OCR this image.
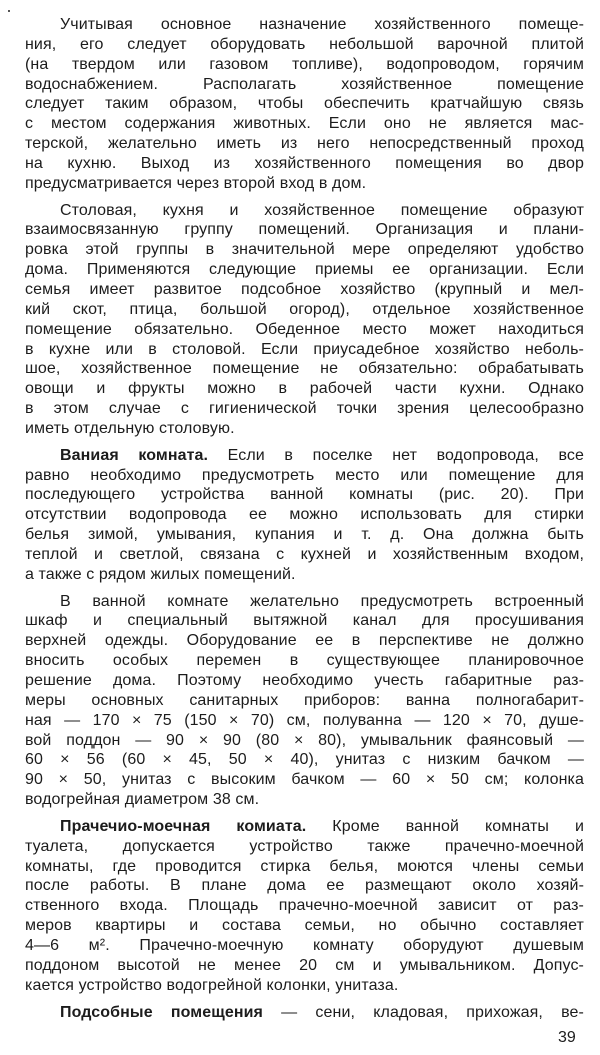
Учитывая основное назначение хозяйственного помеще-
ния, его следует оборудовать небольшой варочной плитой
(на твердом или газовом топливе), водопроводом, горячим
водоснабжением. Располагать хозяйственное помещение
следует таким образом, чтобы обеспечить кратчайшую связь
с местом содержания животных. Если оно не является мас-
терской, желательно иметь из него непосредственный проход
на кухню. Выход из хозяйственного помещения во двор
предусматривается через второй вход в дом.
Столовая, кухня и хозяйственное помещение образуют
взаимосвязанную группу помещений. Организация и плани-
ровка этой группы в значительной мере определяют удобство
дома. Применяются следующие приемы ее организации. Если
семья имеет развитое подсобное хозяйство (крупный и мел-
кий скот, птица, большой огород), отдельное хозяйственное
помещение обязательно. Обеденное место может находиться
в кухне или в столовой. Если приусадебное хозяйство неболь-
шое, хозяйственное помещение не обязательно: обрабатывать
овощи и фрукты можно в рабочей части кухни. Однако
в этом случае с гигиенической точки зрения целесообразно
иметь отдельную столовую.
Ваниая комната. Если в поселке нет водопровода, все
равно необходимо предусмотреть место или помещение для
последующего устройства ванной комнаты (рис. 20). При
отсутствии водопровода ее можно использовать для стирки
белья зимой, умывания, купания и т. д. Она должна быть
теплой и светлой, связана с кухней и хозяйственным входом,
а также с рядом жилых помещений.
В ванной комнате желательно предусмотреть встроенный
шкаф и специальный вытяжной канал для просушивания
верхней одежды. Оборудование ее в перспективе не должно
вносить особых перемен в существующее планировочное
решение дома. Поэтому необходимо учесть габаритные раз-
меры основных санитарных приборов: ванна полногабарит-
ная — 170 × 75 (150 × 70) см, полуванна — 120 × 70, душе-
вой поддон — 90 × 90 (80 × 80), умывальник фаянсовый —
60 × 56 (60 × 45, 50 × 40), унитаз с низким бачком —
90 × 50, унитаз с высоким бачком — 60 × 50 см; колонка
водогрейная диаметром 38 см.
Прачечио-моечная комиата. Кроме ванной комнаты и
туалета, допускается устройство также прачечно-моечной
комнаты, где проводится стирка белья, моются члены семьи
после работы. В плане дома ее размещают около хозяй-
ственного входа. Площадь прачечно-моечной зависит от раз-
меров квартиры и состава семьи, но обычно составляет
4—6 м². Прачечно-моечную комнату оборудуют душевым
поддоном высотой не менее 20 см и умывальником. Допус-
кается устройство водогрейной колонки, унитаза.
Подсобные помещения — сени, кладовая, прихожая, ве-
39
